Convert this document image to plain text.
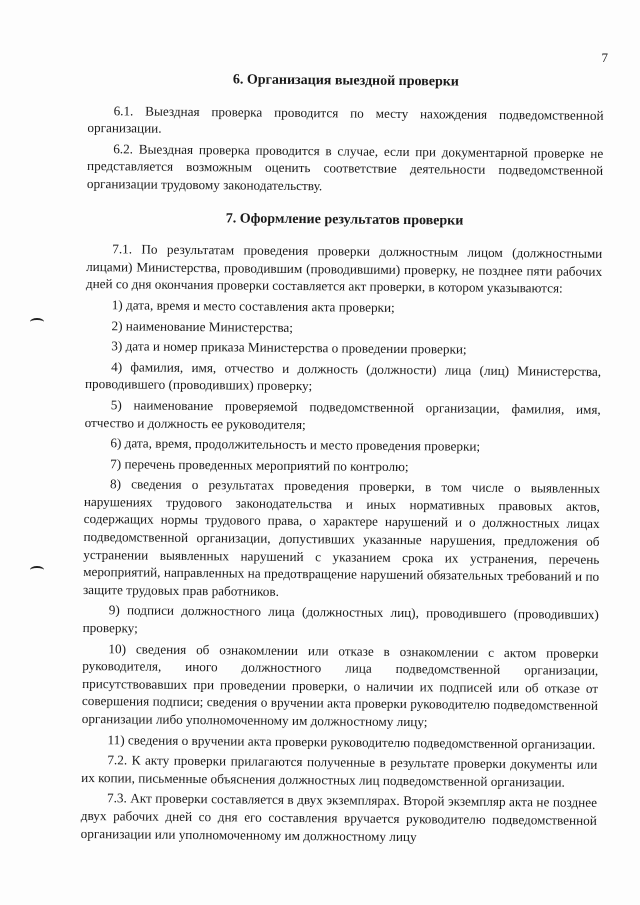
7
6. Организация выездной проверки

6.1. Выездная проверка проводится по месту нахождения подведомственной организации.

6.2. Выездная проверка проводится в случае, если при документарной проверке не представляется возможным оценить соответствие деятельности подведомственной организации трудовому законодательству.

7. Оформление результатов проверки

7.1. По результатам проведения проверки должностным лицом (должностными лицами) Министерства, проводившим (проводившими) проверку, не позднее пяти рабочих дней со дня окончания проверки составляется акт проверки, в котором указываются:

1) дата, время и место составления акта проверки;

2) наименование Министерства;

3) дата и номер приказа Министерства о проведении проверки;

4) фамилия, имя, отчество и должность (должности) лица (лиц) Министерства, проводившего (проводивших) проверку;

5) наименование проверяемой подведомственной организации, фамилия, имя, отчество и должность ее руководителя;

6) дата, время, продолжительность и место проведения проверки;

7) перечень проведенных мероприятий по контролю;

8) сведения о результатах проведения проверки, в том числе о выявленных нарушениях трудового законодательства и иных нормативных правовых актов, содержащих нормы трудового права, о характере нарушений и о должностных лицах подведомственной организации, допустивших указанные нарушения, предложения об устранении выявленных нарушений с указанием срока их устранения, перечень мероприятий, направленных на предотвращение нарушений обязательных требований и по защите трудовых прав работников.

9) подписи должностного лица (должностных лиц), проводившего (проводивших) проверку;

10) сведения об ознакомлении или отказе в ознакомлении с актом проверки руководителя, иного должностного лица подведомственной организации, присутствовавших при проведении проверки, о наличии их подписей или об отказе от совершения подписи; сведения о вручении акта проверки руководителю подведомственной организации либо уполномоченному им должностному лицу;

11) сведения о вручении акта проверки руководителю подведомственной организации.

7.2. К акту проверки прилагаются полученные в результате проверки документы или их копии, письменные объяснения должностных лиц подведомственной организации.

7.3. Акт проверки составляется в двух экземплярах. Второй экземпляр акта не позднее двух рабочих дней со дня его составления вручается руководителю подведомственной организации или уполномоченному им должностному лицу
